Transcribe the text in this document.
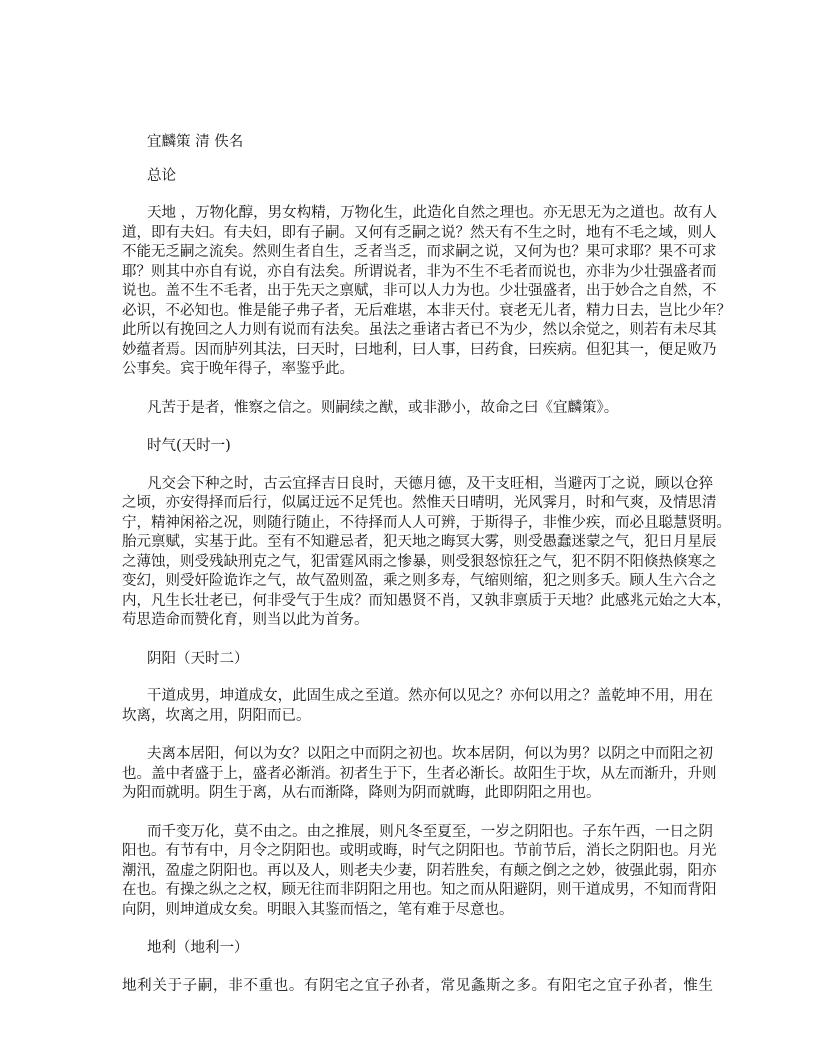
宜麟策 清 佚名
总论
天地 ，万物化醇，男女构精，万物化生，此造化自然之理也。亦无思无为之道也。故有人
道，即有夫妇。有夫妇，即有子嗣。又何有乏嗣之说？然天有不生之时，地有不毛之域，则人
不能无乏嗣之流矣。然则生者自生，乏者当乏，而求嗣之说，又何为也？果可求耶？果不可求
耶？则其中亦自有说，亦自有法矣。所谓说者，非为不生不毛者而说也，亦非为少壮强盛者而
说也。盖不生不毛者，出于先天之禀赋，非可以人力为也。少壮强盛者，出于妙合之自然，不
必识，不必知也。惟是能子弗子者，无后难堪，本非天付。衰老无儿者，精力日去，岂比少年？
此所以有挽回之人力则有说而有法矣。虽法之垂诸古者已不为少，然以余觉之，则若有未尽其
妙蕴者焉。因而胪列其法，曰天时，曰地利，曰人事，曰药食，曰疾病。但犯其一，便足败乃
公事矣。宾于晚年得子，率鉴乎此。
凡苦于是者，惟察之信之。则嗣续之猷，或非渺小，故命之曰《宜麟策》。
时气(天时一)
凡交会下种之时，古云宜择吉日良时，天德月德，及干支旺相，当避丙丁之说，顾以仓猝
之顷，亦安得择而后行，似属迂远不足凭也。然惟天日晴明，光风霁月，时和气爽，及情思清
宁，精神闲裕之况，则随行随止，不待择而人人可辨，于斯得子，非惟少疾，而必且聪慧贤明。
胎元禀赋，实基于此。至有不知避忌者，犯天地之晦冥大雾，则受愚蠢迷蒙之气，犯日月星辰
之薄蚀，则受残缺刑克之气，犯雷霆风雨之惨暴，则受狠怒惊狂之气，犯不阴不阳倏热倏寒之
变幻，则受奸险诡诈之气，故气盈则盈，乘之则多寿，气缩则缩，犯之则多夭。顾人生六合之
内，凡生长壮老已，何非受气于生成？而知愚贤不肖，又孰非禀质于天地？此感兆元始之大本，
苟思造命而赞化育，则当以此为首务。
阴阳（天时二）
干道成男，坤道成女，此固生成之至道。然亦何以见之？亦何以用之？盖乾坤不用，用在
坎离，坎离之用，阴阳而已。
夫离本居阳，何以为女？以阳之中而阴之初也。坎本居阴，何以为男？以阴之中而阳之初
也。盖中者盛于上，盛者必渐消。初者生于下，生者必渐长。故阳生于坎，从左而渐升，升则
为阳而就明。阴生于离，从右而渐降，降则为阴而就晦，此即阴阳之用也。
而千变万化，莫不由之。由之推展，则凡冬至夏至，一岁之阴阳也。子东午西，一日之阴
阳也。有节有中，月令之阴阳也。或明或晦，时气之阴阳也。节前节后，消长之阴阳也。月光
潮汛，盈虚之阴阳也。再以及人，则老夫少妻，阴若胜矣，有颠之倒之之妙，彼强此弱，阳亦
在也。有操之纵之之权，顾无往而非阴阳之用也。知之而从阳避阴，则干道成男，不知而背阳
向阴，则坤道成女矣。明眼入其鉴而悟之，笔有难于尽意也。
地利（地利一）
地利关于子嗣，非不重也。有阴宅之宜子孙者，常见螽斯之多。有阳宅之宜子孙者，惟生
